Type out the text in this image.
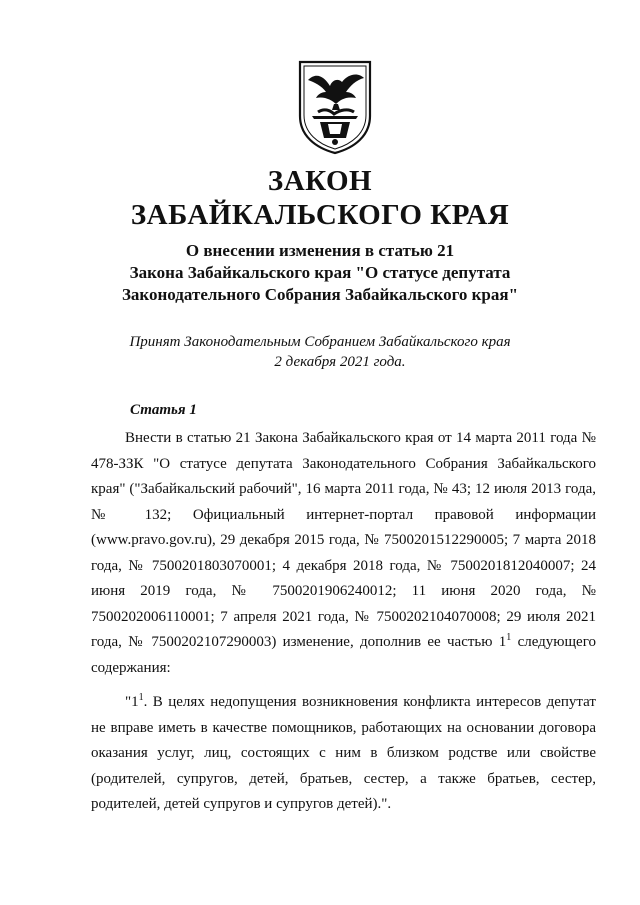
ЗАКОН
ЗАБАЙКАЛЬСКОГО КРАЯ
О внесении изменения в статью 21
Закона Забайкальского края "О статусе депутата
Законодательного Собрания Забайкальского края"
Принят Законодательным Собранием Забайкальского края
2 декабря 2021 года.
Статья 1

Внести в статью 21 Закона Забайкальского края от 14 марта 2011 года № 478-ЗЗК "О статусе депутата Законодательного Собрания Забайкальского края" ("Забайкальский рабочий", 16 марта 2011 года, № 43; 12 июля 2013 года, № 132; Официальный интернет-портал правовой информации (www.pravo.gov.ru), 29 декабря 2015 года, № 7500201512290005; 7 марта 2018 года, № 7500201803070001; 4 декабря 2018 года, № 7500201812040007; 24 июня 2019 года, № 7500201906240012; 11 июня 2020 года, № 7500202006110001; 7 апреля 2021 года, № 7500202104070008; 29 июля 2021 года, № 7500202107290003) изменение, дополнив ее частью $1^1$ следующего содержания:

"$1^1$. В целях недопущения возникновения конфликта интересов депутат не вправе иметь в качестве помощников, работающих на основании договора оказания услуг, лиц, состоящих с ним в близком родстве или свойстве (родителей, супругов, детей, братьев, сестер, а также братьев, сестер, родителей, детей супругов и супругов детей).".
